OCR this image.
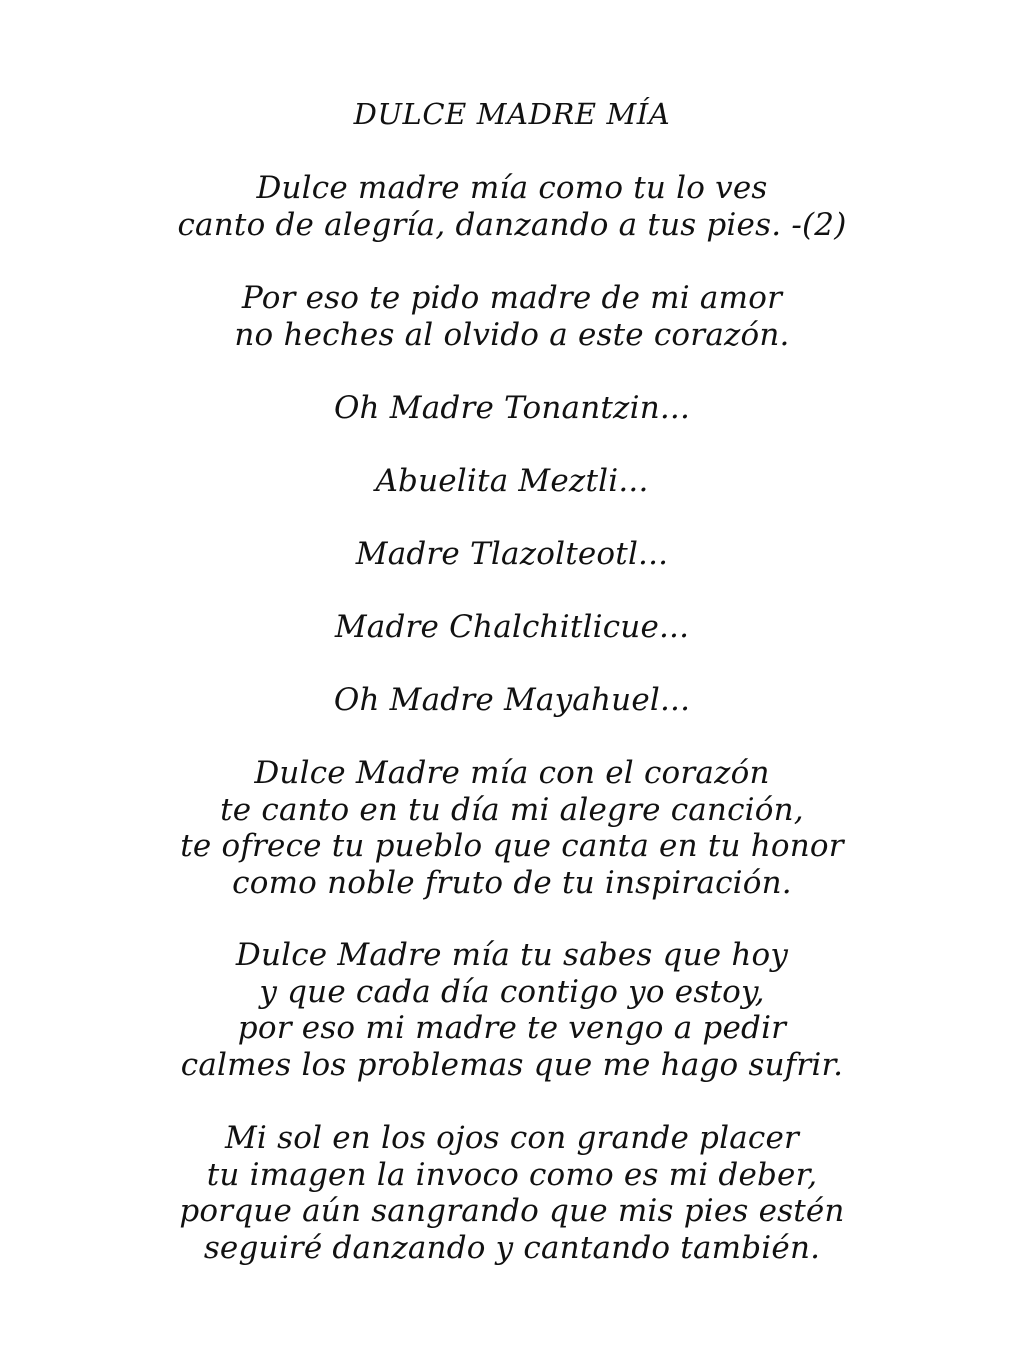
DULCE MADRE MÍA
Dulce madre mía como tu lo ves
canto de alegría, danzando a tus pies. -(2)
Por eso te pido madre de mi amor
no heches al olvido a este corazón.
Oh Madre Tonantzin...
Abuelita Meztli...
Madre Tlazolteotl...
Madre Chalchitlicue...
Oh Madre Mayahuel...
Dulce Madre mía con el corazón
te canto en tu día mi alegre canción,
te ofrece tu pueblo que canta en tu honor
como noble fruto de tu inspiración.
Dulce Madre mía tu sabes que hoy
y que cada día contigo yo estoy,
por eso mi madre te vengo a pedir
calmes los problemas que me hago sufrir.
Mi sol en los ojos con grande placer
tu imagen la invoco como es mi deber,
porque aún sangrando que mis pies estén
seguiré danzando y cantando también.
